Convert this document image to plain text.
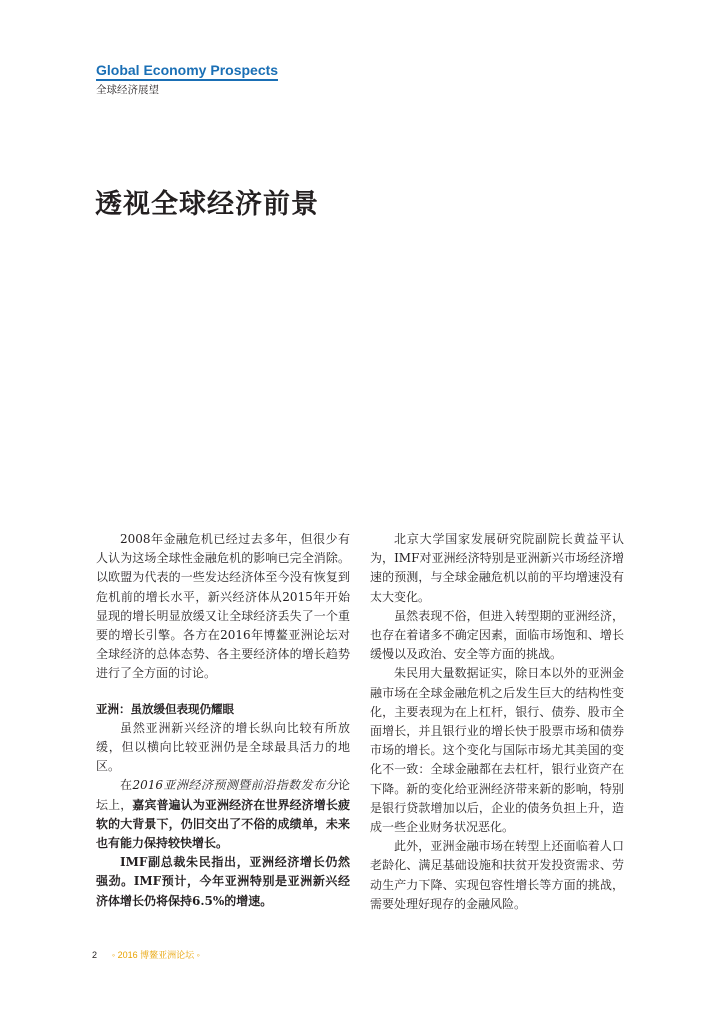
Global Economy Prospects
全球经济展望
透视全球经济前景

2008年金融危机已经过去多年，但很少有人认为这场全球性金融危机的影响已完全消除。以欧盟为代表的一些发达经济体至今没有恢复到危机前的增长水平，新兴经济体从2015年开始显现的增长明显放缓又让全球经济丢失了一个重要的增长引擎。各方在2016年博鳌亚洲论坛对全球经济的总体态势、各主要经济体的增长趋势进行了全方面的讨论。

亚洲：虽放缓但表现仍耀眼

虽然亚洲新兴经济的增长纵向比较有所放缓，但以横向比较亚洲仍是全球最具活力的地区。

在2016亚洲经济预测暨前沿指数发布分论坛上，嘉宾普遍认为亚洲经济在世界经济增长疲软的大背景下，仍旧交出了不俗的成绩单，未来也有能力保持较快增长。

IMF副总裁朱民指出，亚洲经济增长仍然强劲。IMF预计，今年亚洲特别是亚洲新兴经济体增长仍将保持6.5%的增速。

北京大学国家发展研究院副院长黄益平认为，IMF对亚洲经济特别是亚洲新兴市场经济增速的预测，与全球金融危机以前的平均增速没有太大变化。

虽然表现不俗，但进入转型期的亚洲经济，也存在着诸多不确定因素，面临市场饱和、增长缓慢以及政治、安全等方面的挑战。

朱民用大量数据证实，除日本以外的亚洲金融市场在全球金融危机之后发生巨大的结构性变化，主要表现为在上杠杆，银行、债券、股市全面增长，并且银行业的增长快于股票市场和债券市场的增长。这个变化与国际市场尤其美国的变化不一致：全球金融都在去杠杆，银行业资产在下降。新的变化给亚洲经济带来新的影响，特别是银行贷款增加以后，企业的债务负担上升，造成一些企业财务状况恶化。

此外，亚洲金融市场在转型上还面临着人口老龄化、满足基础设施和扶贫开发投资需求、劳动生产力下降、实现包容性增长等方面的挑战，需要处理好现存的金融风险。

2 ◦ 2016 博鳌亚洲论坛 ◦
